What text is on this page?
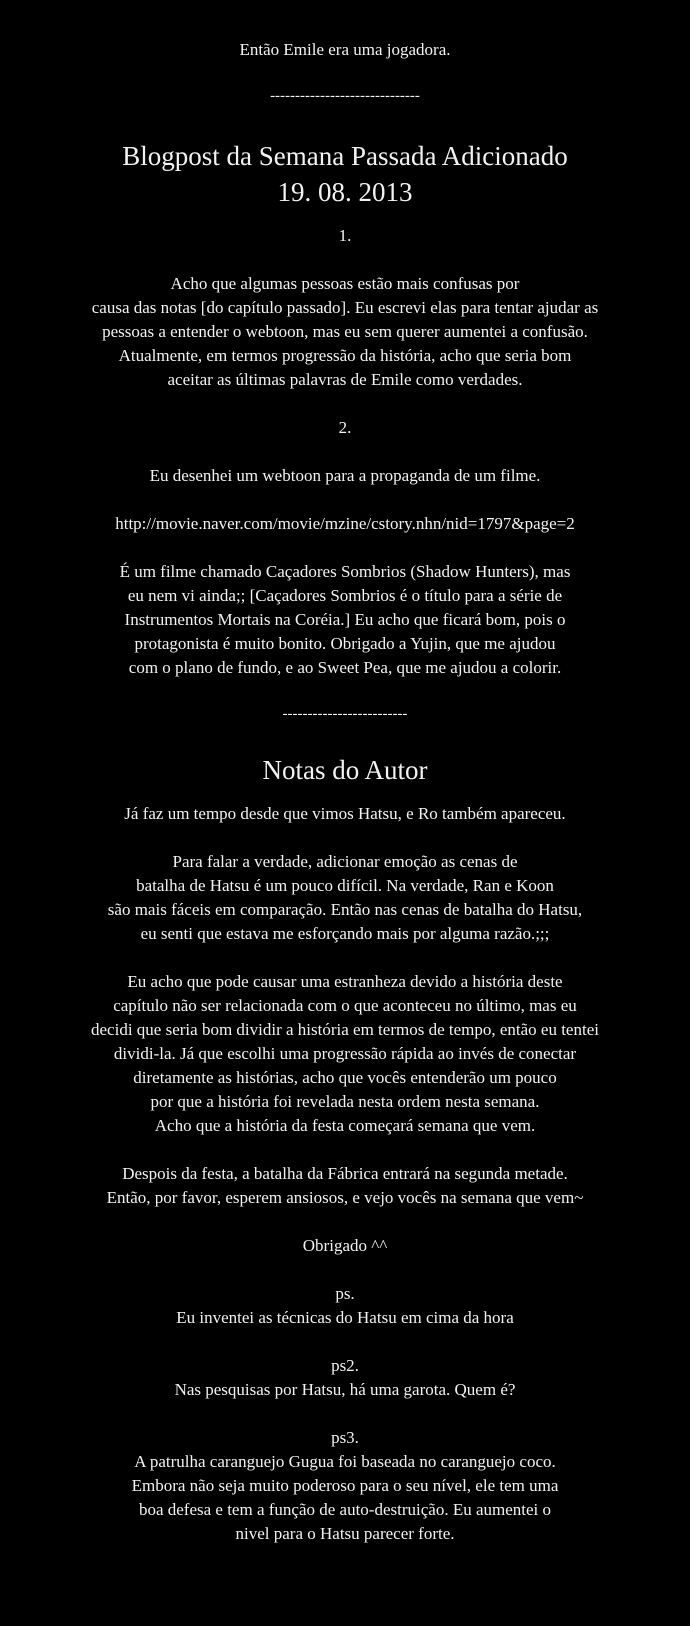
Então Emile era uma jogadora.

------------------------------

Blogpost da Semana Passada Adicionado
19. 08. 2013

1.

Acho que algumas pessoas estão mais confusas por
causa das notas [do capítulo passado]. Eu escrevi elas para tentar ajudar as
pessoas a entender o webtoon, mas eu sem querer aumentei a confusão.
Atualmente, em termos progressão da história, acho que seria bom
aceitar as últimas palavras de Emile como verdades.

2.

Eu desenhei um webtoon para a propaganda de um filme.

http://movie.naver.com/movie/mzine/cstory.nhn/nid=1797&page=2

É um filme chamado Caçadores Sombrios (Shadow Hunters), mas
eu nem vi ainda;; [Caçadores Sombrios é o título para a série de
Instrumentos Mortais na Coréia.] Eu acho que ficará bom, pois o
protagonista é muito bonito. Obrigado a Yujin, que me ajudou
com o plano de fundo, e ao Sweet Pea, que me ajudou a colorir.

-------------------------

Notas do Autor

Já faz um tempo desde que vimos Hatsu, e Ro também apareceu.

Para falar a verdade, adicionar emoção as cenas de
batalha de Hatsu é um pouco difícil. Na verdade, Ran e Koon
são mais fáceis em comparação. Então nas cenas de batalha do Hatsu,
eu senti que estava me esforçando mais por alguma razão.;;;

Eu acho que pode causar uma estranheza devido a história deste
capítulo não ser relacionada com o que aconteceu no último, mas eu
decidi que seria bom dividir a história em termos de tempo, então eu tentei
dividi-la. Já que escolhi uma progressão rápida ao invés de conectar
diretamente as histórias, acho que vocês entenderão um pouco
por que a história foi revelada nesta ordem nesta semana.
Acho que a história da festa começará semana que vem.

Despois da festa, a batalha da Fábrica entrará na segunda metade.
Então, por favor, esperem ansiosos, e vejo vocês na semana que vem~

Obrigado ^^

ps.

Eu inventei as técnicas do Hatsu em cima da hora

ps2.

Nas pesquisas por Hatsu, há uma garota. Quem é?

ps3.

A patrulha caranguejo Gugua foi baseada no caranguejo coco.
Embora não seja muito poderoso para o seu nível, ele tem uma
boa defesa e tem a função de auto-destruição. Eu aumentei o
nivel para o Hatsu parecer forte.
